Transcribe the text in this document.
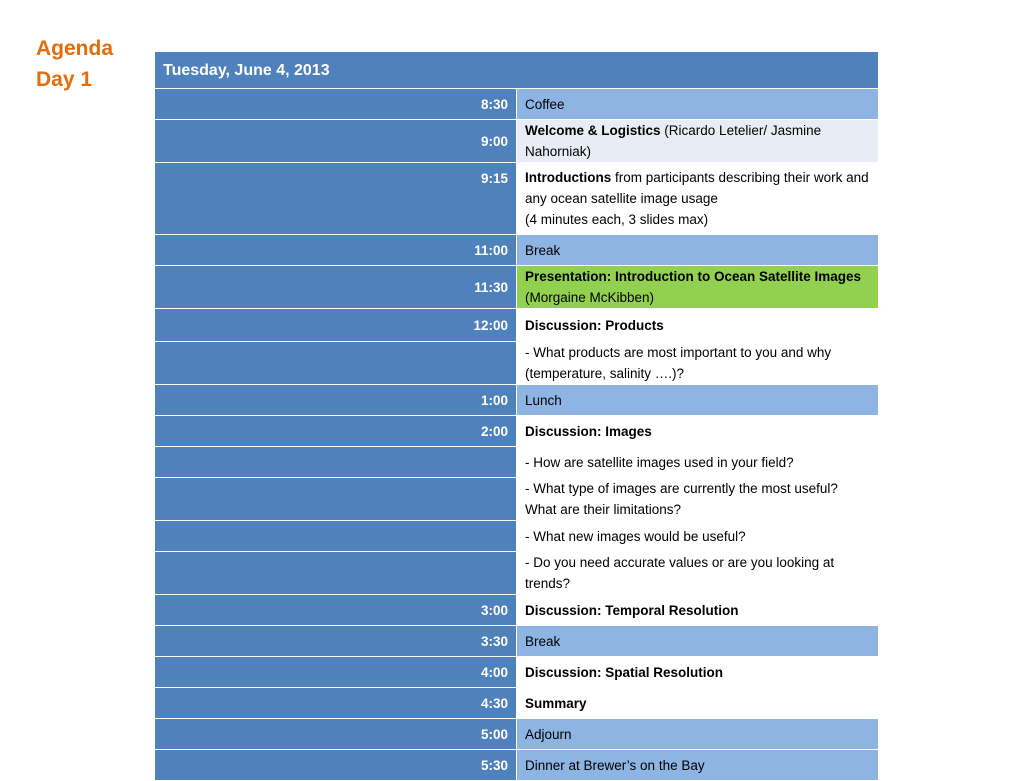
Agenda
Day 1	Tuesday, June 4, 2013	
8:30	Coffee
9:00	Welcome & Logistics (Ricardo Letelier/ Jasmine Nahorniak)
9:15	Introductions from participants describing their work and any ocean satellite image usage
(4 minutes each, 3 slides max)
11:00	Break
11:30	Presentation: Introduction to Ocean Satellite Images (Morgaine McKibben)
12:00	Discussion: Products
	- What products are most important to you and why (temperature, salinity ….)?
1:00	Lunch
2:00	Discussion: Images
	- How are satellite images used in your field?
	- What type of images are currently the most useful? What are their limitations?
	- What new images would be useful?
	- Do you need accurate values or are you looking at trends?
3:00	Discussion: Temporal Resolution
3:30	Break
4:00	Discussion: Spatial Resolution
4:30	Summary
5:00	Adjourn
5:30	Dinner at Brewer’s on the Bay
